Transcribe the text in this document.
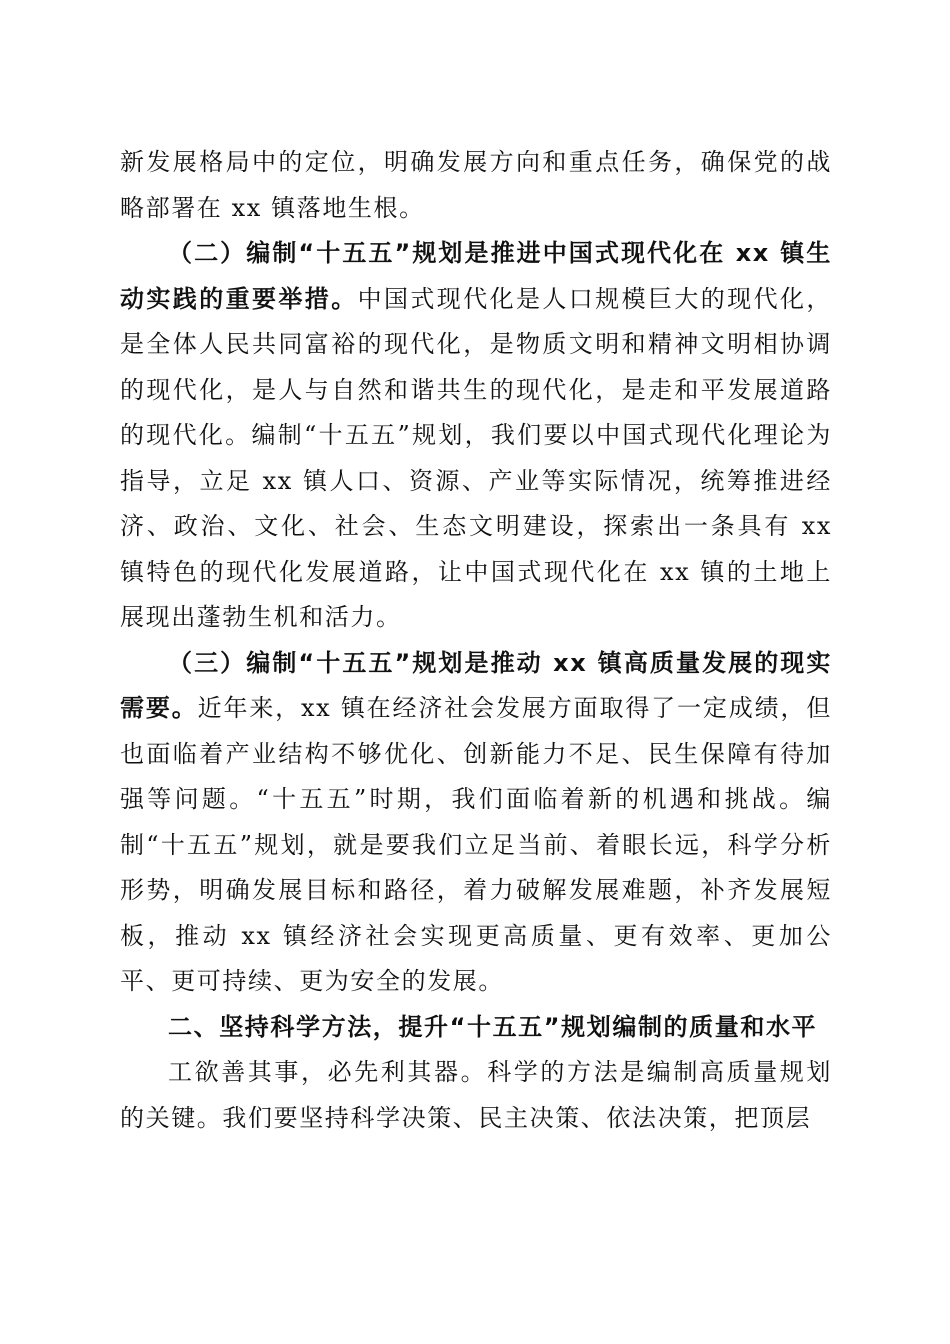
新发展格局中的定位，明确发展方向和重点任务，确保党的战略部署在 xx 镇落地生根。

（二）编制“十五五”规划是推进中国式现代化在 xx 镇生动实践的重要举措。中国式现代化是人口规模巨大的现代化，是全体人民共同富裕的现代化，是物质文明和精神文明相协调的现代化，是人与自然和谐共生的现代化，是走和平发展道路的现代化。编制“十五五”规划，我们要以中国式现代化理论为指导，立足 xx 镇人口、资源、产业等实际情况，统筹推进经济、政治、文化、社会、生态文明建设，探索出一条具有 xx 镇特色的现代化发展道路，让中国式现代化在 xx 镇的土地上展现出蓬勃生机和活力。

（三）编制“十五五”规划是推动 xx 镇高质量发展的现实需要。近年来，xx 镇在经济社会发展方面取得了一定成绩，但也面临着产业结构不够优化、创新能力不足、民生保障有待加强等问题。“十五五”时期，我们面临着新的机遇和挑战。编制“十五五”规划，就是要我们立足当前、着眼长远，科学分析形势，明确发展目标和路径，着力破解发展难题，补齐发展短板，推动 xx 镇经济社会实现更高质量、更有效率、更加公平、更可持续、更为安全的发展。

二、坚持科学方法，提升“十五五”规划编制的质量和水平

工欲善其事，必先利其器。科学的方法是编制高质量规划的关键。我们要坚持科学决策、民主决策、依法决策，把顶层
